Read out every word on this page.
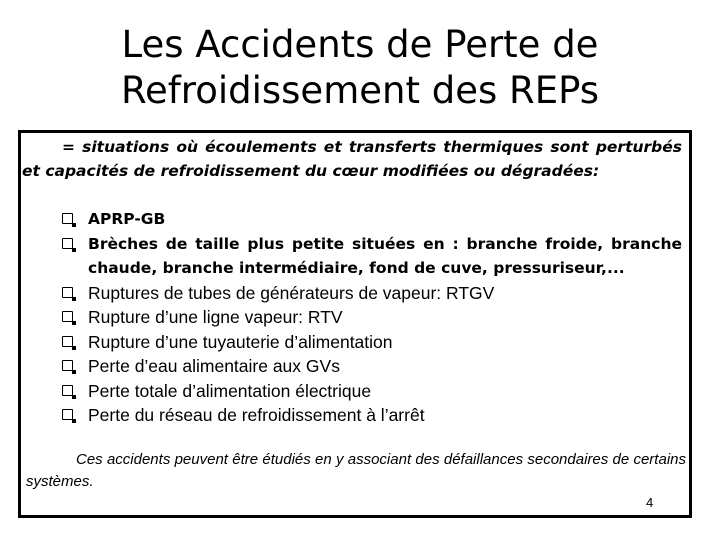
Les Accidents de Perte de
Refroidissement des REPs
= situations où écoulements et transferts thermiques sont perturbés et capacités de refroidissement du cœur modifiées ou dégradées:
APRP-GB
Brèches de taille plus petite situées en : branche froide, branche chaude, branche intermédiaire, fond de cuve, pressuriseur,...
Ruptures de tubes de générateurs de vapeur: RTGV
Rupture d’une ligne vapeur: RTV
Rupture d’une tuyauterie d’alimentation
Perte d’eau alimentaire aux GVs
Perte totale d’alimentation électrique
Perte du réseau de refroidissement à l’arrêt
Ces accidents peuvent être étudiés en y associant des défaillances secondaires de certains systèmes.
4
